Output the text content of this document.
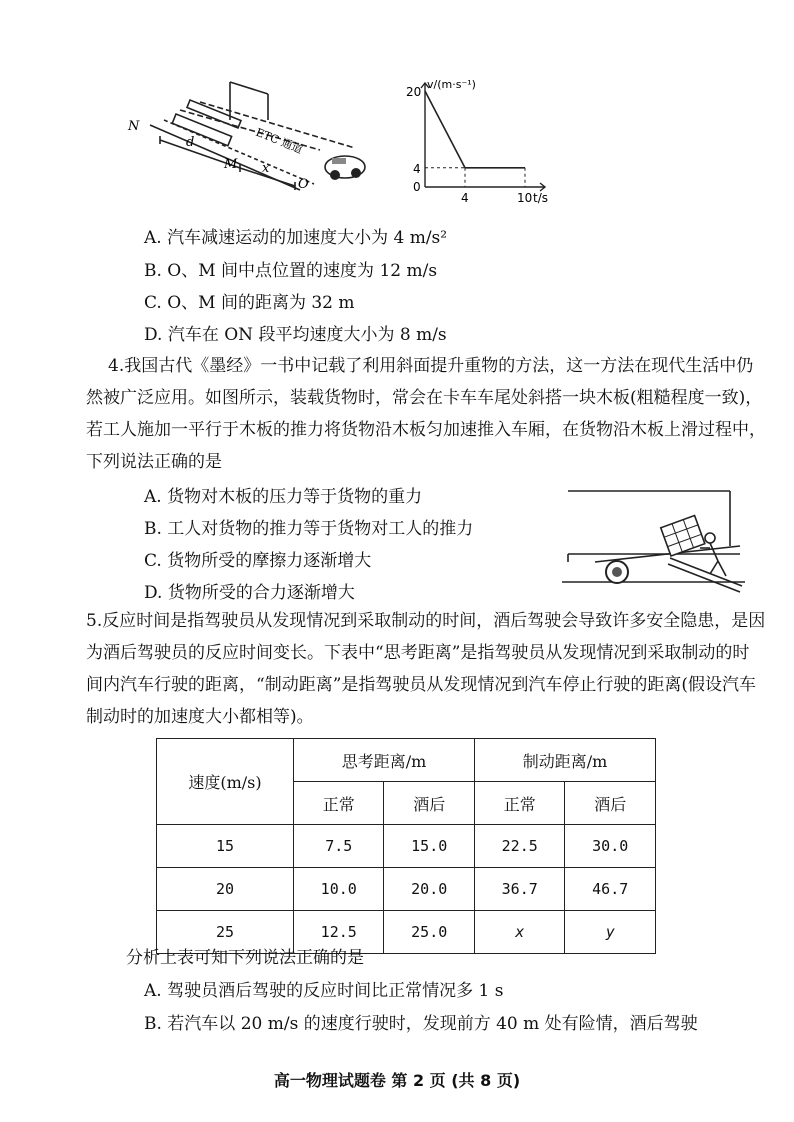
N
d
M x
O
ETC 通道
20
4
0
4	10
v/(m·s⁻¹)
t/s
A. 汽车减速运动的加速度大小为 4 m/s²
B. O、M 间中点位置的速度为 12 m/s
C. O、M 间的距离为 32 m
D. 汽车在 ON 段平均速度大小为 8 m/s
4.我国古代《墨经》一书中记载了利用斜面提升重物的方法，这一方法在现代生活中仍然被广泛应用。如图所示，装载货物时，常会在卡车车尾处斜搭一块木板(粗糙程度一致)，若工人施加一平行于木板的推力将货物沿木板匀加速推入车厢，在货物沿木板上滑过程中，下列说法正确的是
A. 货物对木板的压力等于货物的重力
B. 工人对货物的推力等于货物对工人的推力
C. 货物所受的摩擦力逐渐增大
D. 货物所受的合力逐渐增大
5.反应时间是指驾驶员从发现情况到采取制动的时间，酒后驾驶会导致许多安全隐患，是因为酒后驾驶员的反应时间变长。下表中“思考距离”是指驾驶员从发现情况到采取制动的时间内汽车行驶的距离，“制动距离”是指驾驶员从发现情况到汽车停止行驶的距离(假设汽车制动时的加速度大小都相等)。
速度(m/s)	思考距离/m		制动距离/m	
	正常	酒后	正常	酒后
15	7.5	15.0	22.5	30.0
20	10.0	20.0	36.7	46.7
25	12.5	25.0	x	y
分析上表可知下列说法正确的是
A. 驾驶员酒后驾驶的反应时间比正常情况多 1 s
B. 若汽车以 20 m/s 的速度行驶时，发现前方 40 m 处有险情，酒后驾驶
高一物理试题卷 第 2 页 (共 8 页)
